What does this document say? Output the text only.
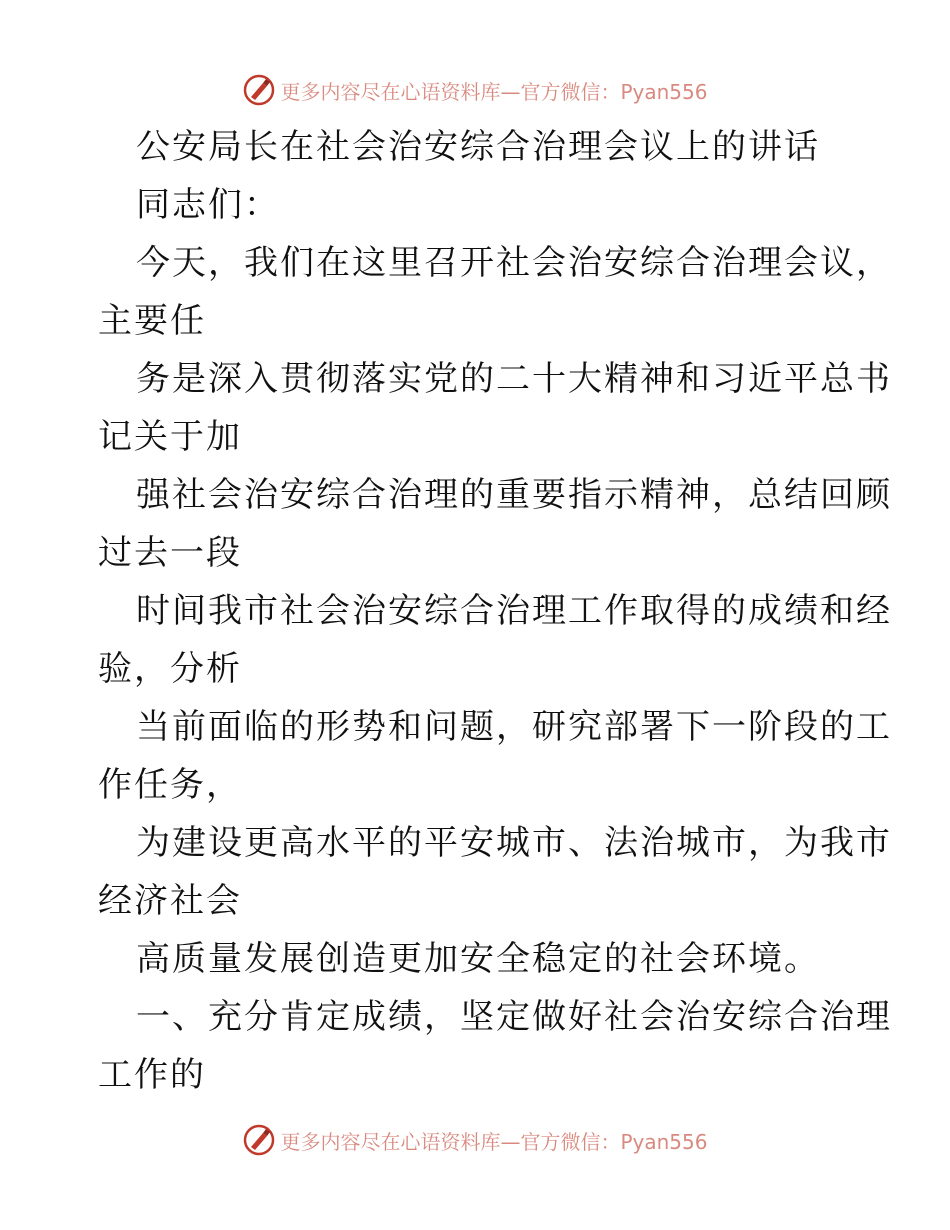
更多内容尽在心语资料库—官方微信：Pyan556
公安局长在社会治安综合治理会议上的讲话
同志们：
今天，我们在这里召开社会治安综合治理会议，
主要任
务是深入贯彻落实党的二十大精神和习近平总书
记关于加
强社会治安综合治理的重要指示精神，总结回顾
过去一段
时间我市社会治安综合治理工作取得的成绩和经
验，分析
当前面临的形势和问题，研究部署下一阶段的工
作任务，
为建设更高水平的平安城市、法治城市，为我市
经济社会
高质量发展创造更加安全稳定的社会环境。
一、充分肯定成绩，坚定做好社会治安综合治理
工作的
更多内容尽在心语资料库—官方微信：Pyan556
